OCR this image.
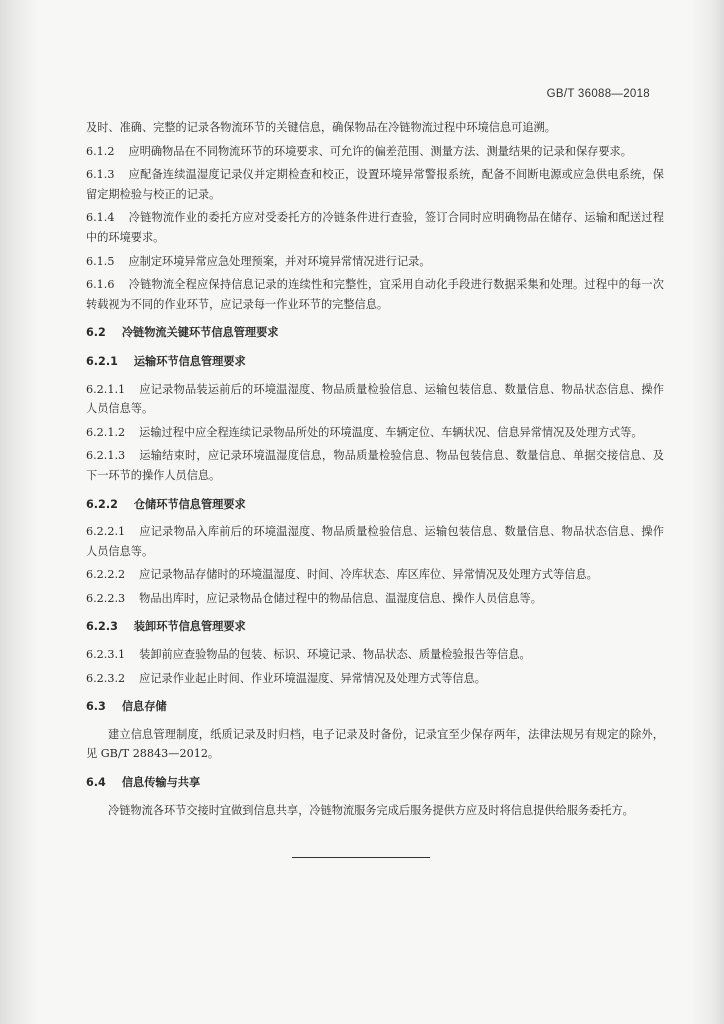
GB/T 36088—2018
及时、准确、完整的记录各物流环节的关键信息，确保物品在冷链物流过程中环境信息可追溯。
6.1.2 应明确物品在不同物流环节的环境要求、可允许的偏差范围、测量方法、测量结果的记录和保存要求。
6.1.3 应配备连续温湿度记录仪并定期检查和校正，设置环境异常警报系统，配备不间断电源或应急供电系统，保留定期检验与校正的记录。
6.1.4 冷链物流作业的委托方应对受委托方的冷链条件进行查验，签订合同时应明确物品在储存、运输和配送过程中的环境要求。
6.1.5 应制定环境异常应急处理预案，并对环境异常情况进行记录。
6.1.6 冷链物流全程应保持信息记录的连续性和完整性，宜采用自动化手段进行数据采集和处理。过程中的每一次转载视为不同的作业环节，应记录每一作业环节的完整信息。
6.2 冷链物流关键环节信息管理要求
6.2.1 运输环节信息管理要求
6.2.1.1 应记录物品装运前后的环境温湿度、物品质量检验信息、运输包装信息、数量信息、物品状态信息、操作人员信息等。
6.2.1.2 运输过程中应全程连续记录物品所处的环境温度、车辆定位、车辆状况、信息异常情况及处理方式等。
6.2.1.3 运输结束时，应记录环境温湿度信息，物品质量检验信息、物品包装信息、数量信息、单据交接信息、及下一环节的操作人员信息。
6.2.2 仓储环节信息管理要求
6.2.2.1 应记录物品入库前后的环境温湿度、物品质量检验信息、运输包装信息、数量信息、物品状态信息、操作人员信息等。
6.2.2.2 应记录物品存储时的环境温湿度、时间、冷库状态、库区库位、异常情况及处理方式等信息。
6.2.2.3 物品出库时，应记录物品仓储过程中的物品信息、温湿度信息、操作人员信息等。
6.2.3 装卸环节信息管理要求
6.2.3.1 装卸前应查验物品的包装、标识、环境记录、物品状态、质量检验报告等信息。
6.2.3.2 应记录作业起止时间、作业环境温湿度、异常情况及处理方式等信息。
6.3 信息存储
建立信息管理制度，纸质记录及时归档，电子记录及时备份，记录宜至少保存两年，法律法规另有规定的除外，见 GB/T 28843—2012。
6.4 信息传输与共享
冷链物流各环节交接时宜做到信息共享，冷链物流服务完成后服务提供方应及时将信息提供给服务委托方。
